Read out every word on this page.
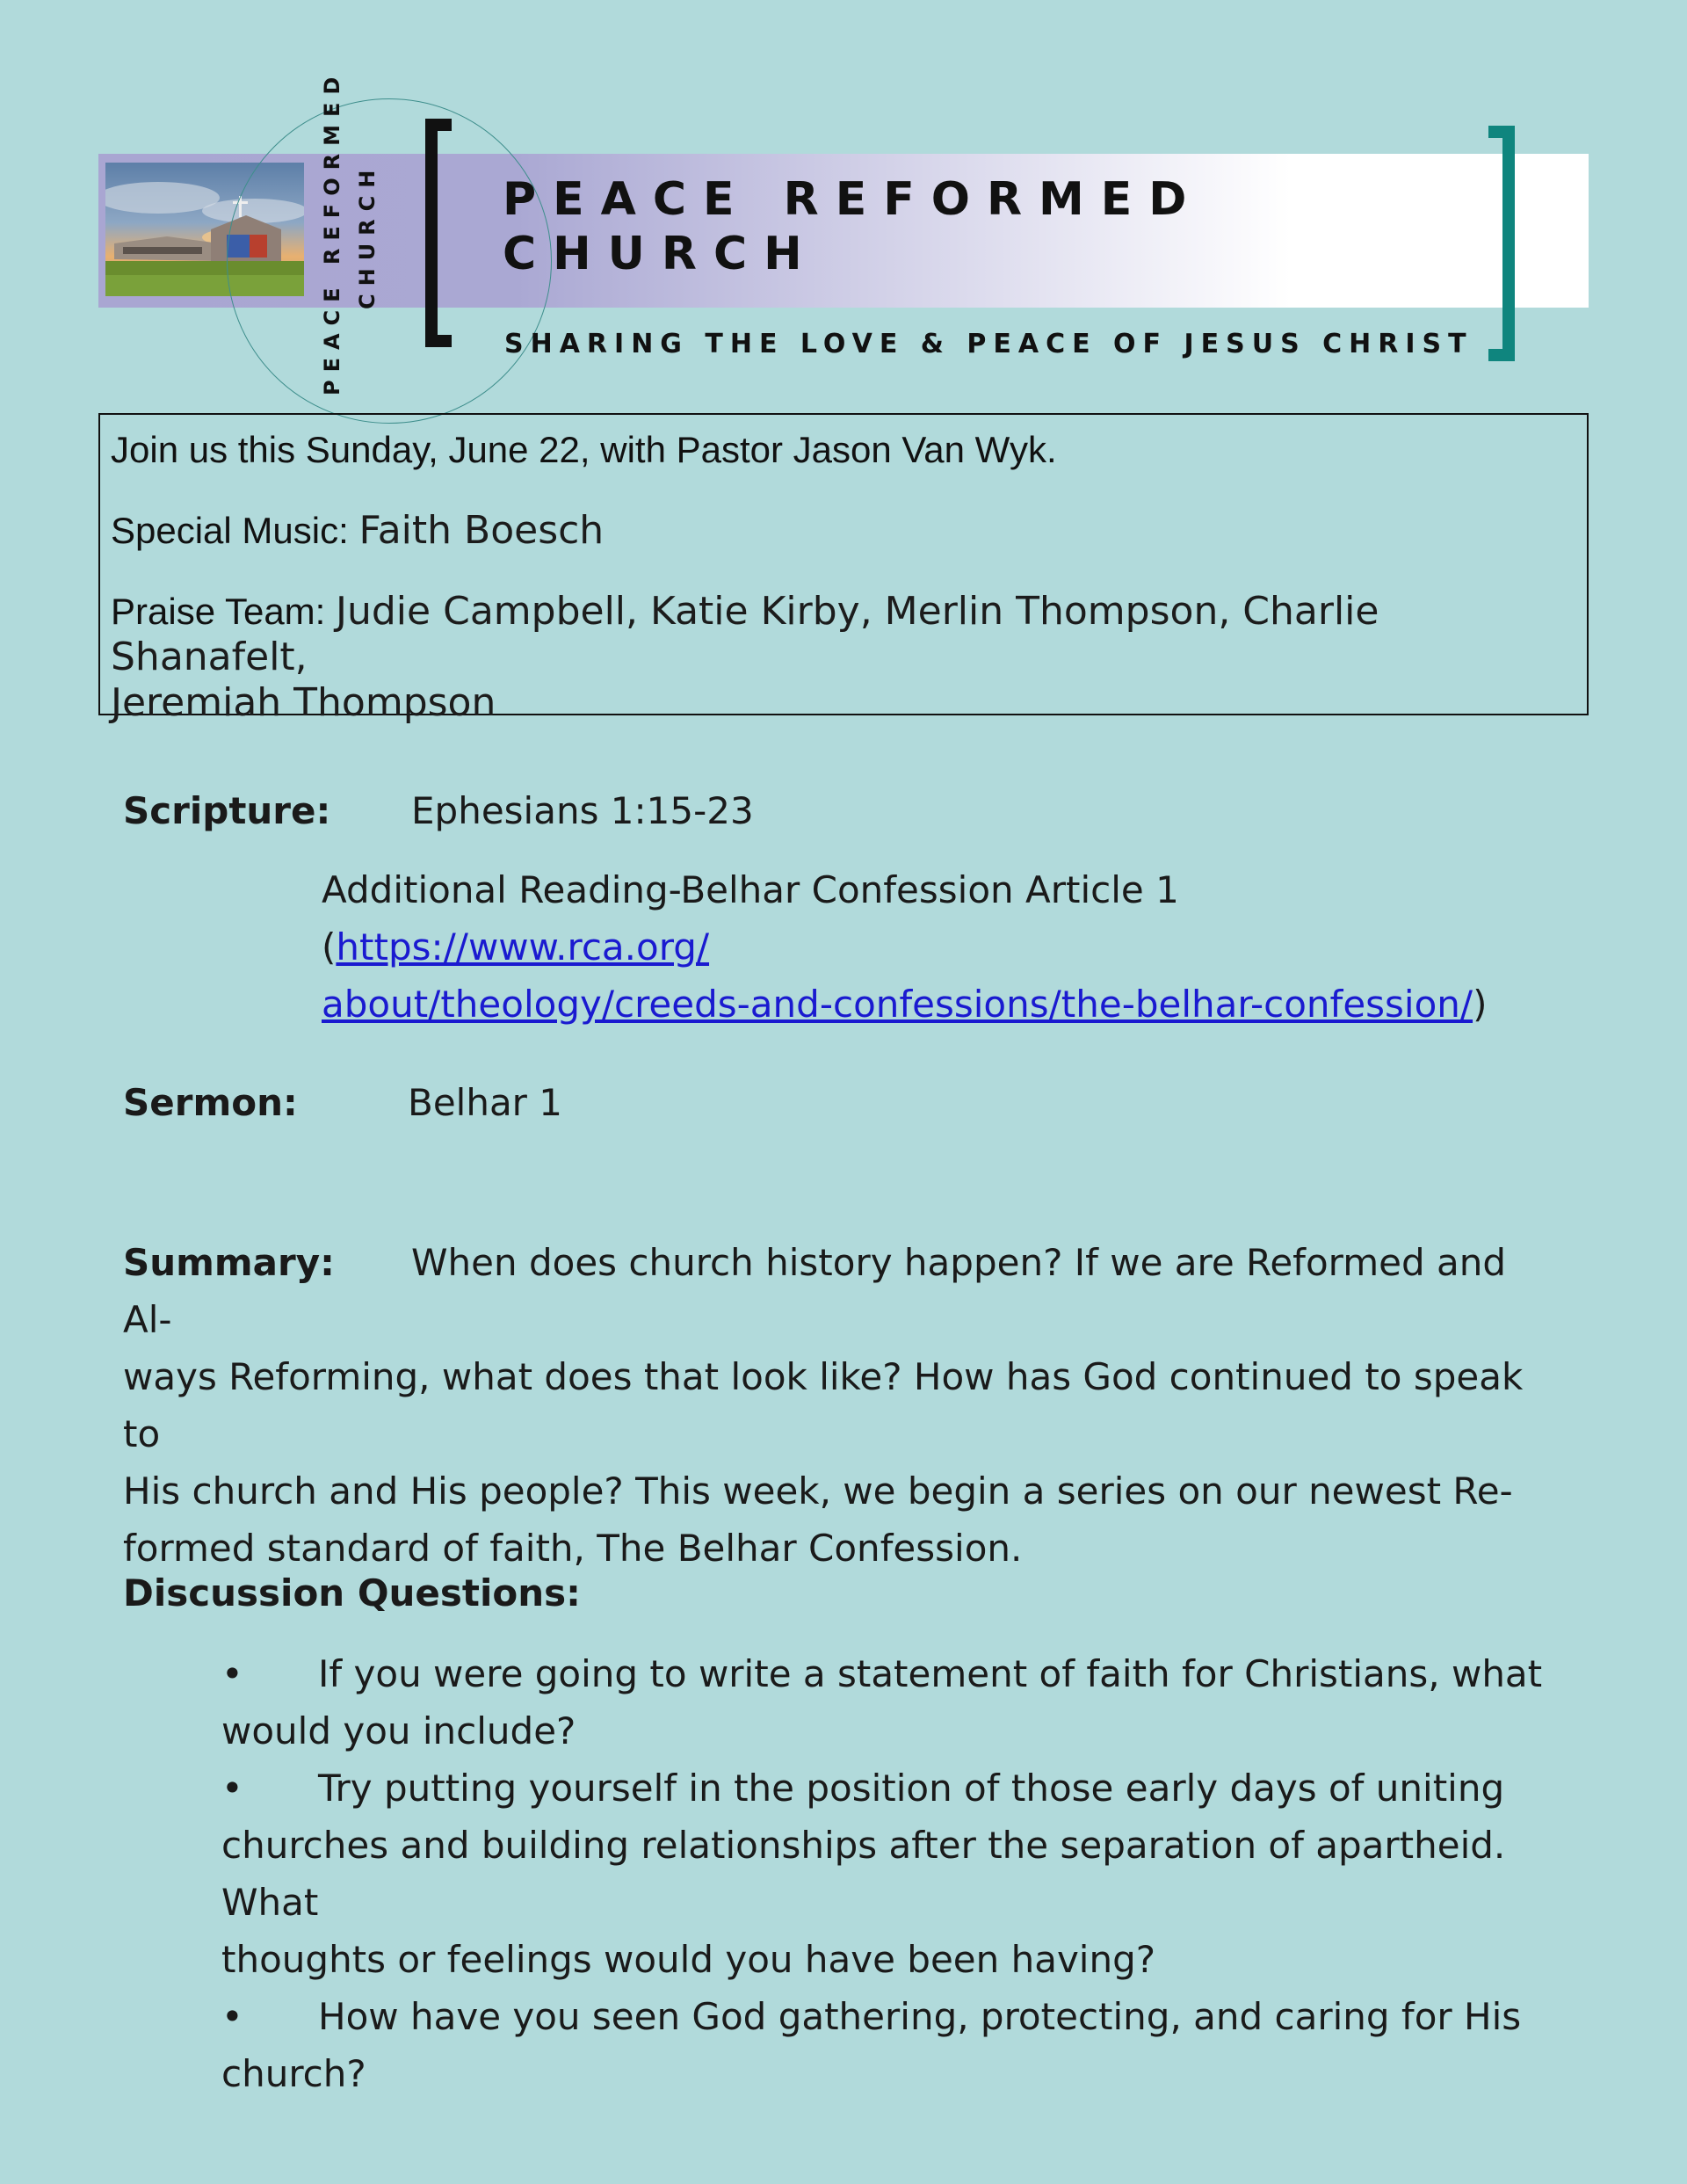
PEACE REFORMED CHURCH	PEACE REFORMED
CHURCH
SHARING THE LOVE & PEACE OF JESUS CHRIST

Join us this Sunday, June 22, with Pastor Jason Van Wyk.

Special Music: Faith Boesch

Praise Team: Judie Campbell, Katie Kirby, Merlin Thompson, Charlie Shanafelt,
Jeremiah Thompson

Scripture: Ephesians 1:15-23
Additional Reading-Belhar Confession Article 1 (https://www.rca.org/
about/theology/creeds-and-confessions/the-belhar-confession/)
Sermon:	Belhar 1
Summary: When does church history happen? If we are Reformed and Al-
ways Reforming, what does that look like? How has God continued to speak to
His church and His people? This week, we begin a series on our newest Re-
formed standard of faith, The Belhar Confession.
Discussion Questions:
• If you were going to write a statement of faith for Christians, what
would you include?
• Try putting yourself in the position of those early days of uniting
churches and building relationships after the separation of apartheid. What
thoughts or feelings would you have been having?
• How have you seen God gathering, protecting, and caring for His
church?
